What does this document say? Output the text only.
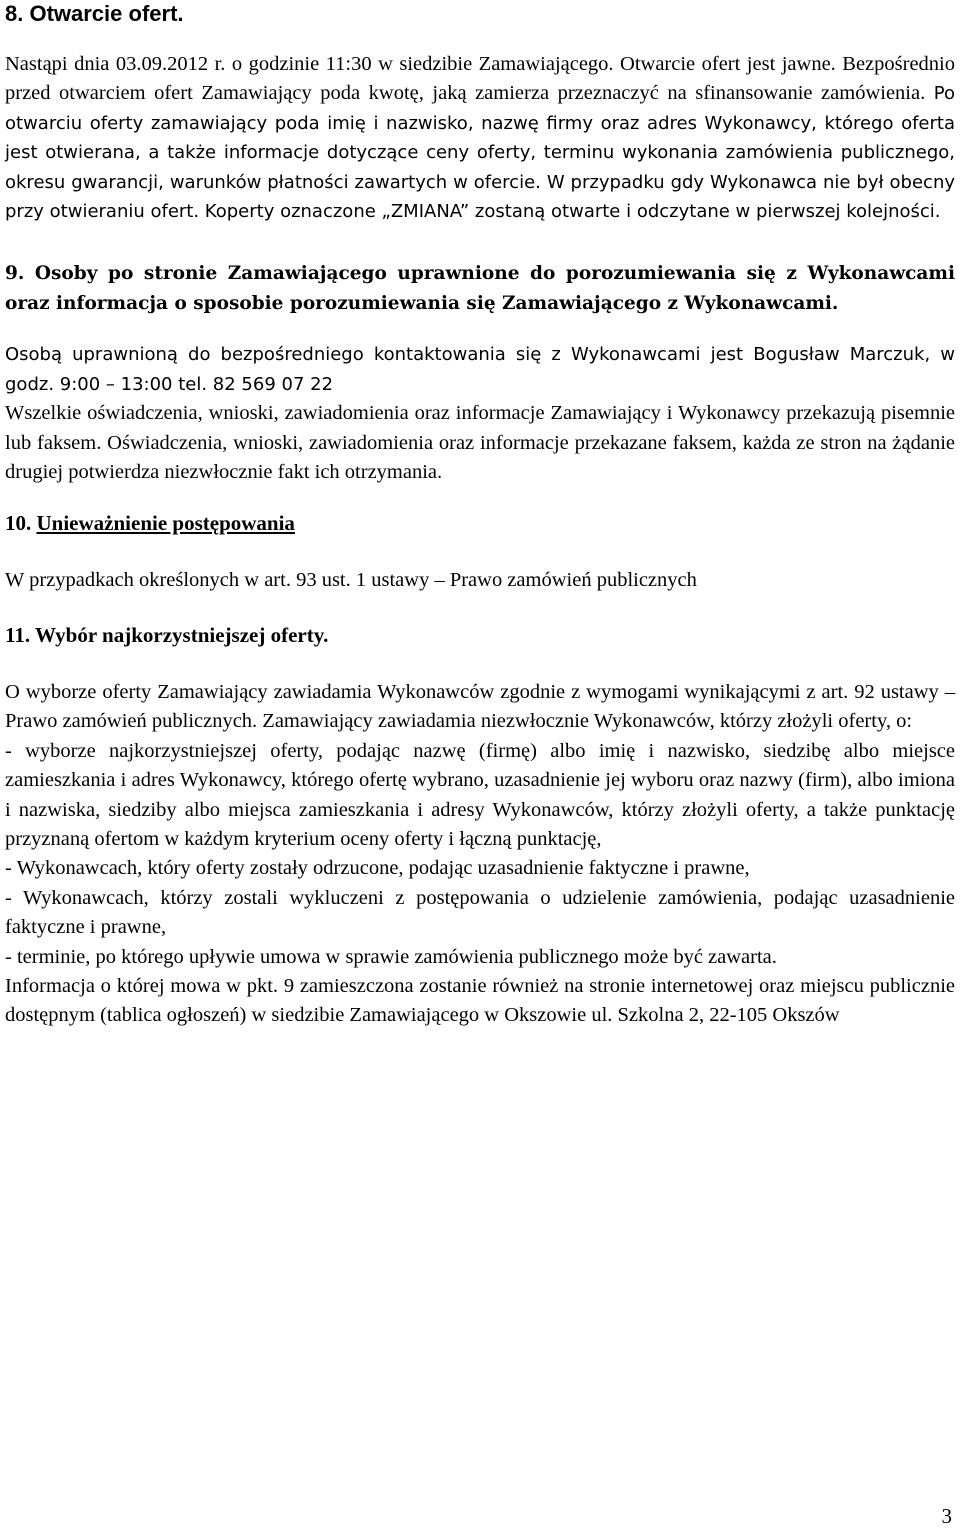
8. Otwarcie ofert.

Nastąpi dnia 03.09.2012 r. o godzinie 11:30 w siedzibie Zamawiającego. Otwarcie ofert jest jawne. Bezpośrednio przed otwarciem ofert Zamawiający poda kwotę, jaką zamierza przeznaczyć na sfinansowanie zamówienia. Po otwarciu oferty zamawiający poda imię i nazwisko, nazwę firmy oraz adres Wykonawcy, którego oferta jest otwierana, a także informacje dotyczące ceny oferty, terminu wykonania zamówienia publicznego, okresu gwarancji, warunków płatności zawartych w ofercie. W przypadku gdy Wykonawca nie był obecny przy otwieraniu ofert. Koperty oznaczone „ZMIANA” zostaną otwarte i odczytane w pierwszej kolejności.

9. Osoby po stronie Zamawiającego uprawnione do porozumiewania się z Wykonawcami oraz informacja o sposobie porozumiewania się Zamawiającego z Wykonawcami.

Osobą uprawnioną do bezpośredniego kontaktowania się z Wykonawcami jest Bogusław Marczuk, w godz. 9:00 – 13:00 tel. 82 569 07 22

Wszelkie oświadczenia, wnioski, zawiadomienia oraz informacje Zamawiający i Wykonawcy przekazują pisemnie lub faksem. Oświadczenia, wnioski, zawiadomienia oraz informacje przekazane faksem, każda ze stron na żądanie drugiej potwierdza niezwłocznie fakt ich otrzymania.

10. Unieważnienie postępowania

W przypadkach określonych w art. 93 ust. 1 ustawy – Prawo zamówień publicznych

11. Wybór najkorzystniejszej oferty.

O wyborze oferty Zamawiający zawiadamia Wykonawców zgodnie z wymogami wynikającymi z art. 92 ustawy – Prawo zamówień publicznych. Zamawiający zawiadamia niezwłocznie Wykonawców, którzy złożyli oferty, o:

- wyborze najkorzystniejszej oferty, podając nazwę (firmę) albo imię i nazwisko, siedzibę albo miejsce zamieszkania i adres Wykonawcy, którego ofertę wybrano, uzasadnienie jej wyboru oraz nazwy (firm), albo imiona i nazwiska, siedziby albo miejsca zamieszkania i adresy Wykonawców, którzy złożyli oferty, a także punktację przyznaną ofertom w każdym kryterium oceny oferty i łączną punktację,

- Wykonawcach, który oferty zostały odrzucone, podając uzasadnienie faktyczne i prawne,

- Wykonawcach, którzy zostali wykluczeni z postępowania o udzielenie zamówienia, podając uzasadnienie faktyczne i prawne,

- terminie, po którego upływie umowa w sprawie zamówienia publicznego może być zawarta.

Informacja o której mowa w pkt. 9 zamieszczona zostanie również na stronie internetowej oraz miejscu publicznie dostępnym (tablica ogłoszeń) w siedzibie Zamawiającego w Okszowie ul. Szkolna 2, 22-105 Okszów

3
